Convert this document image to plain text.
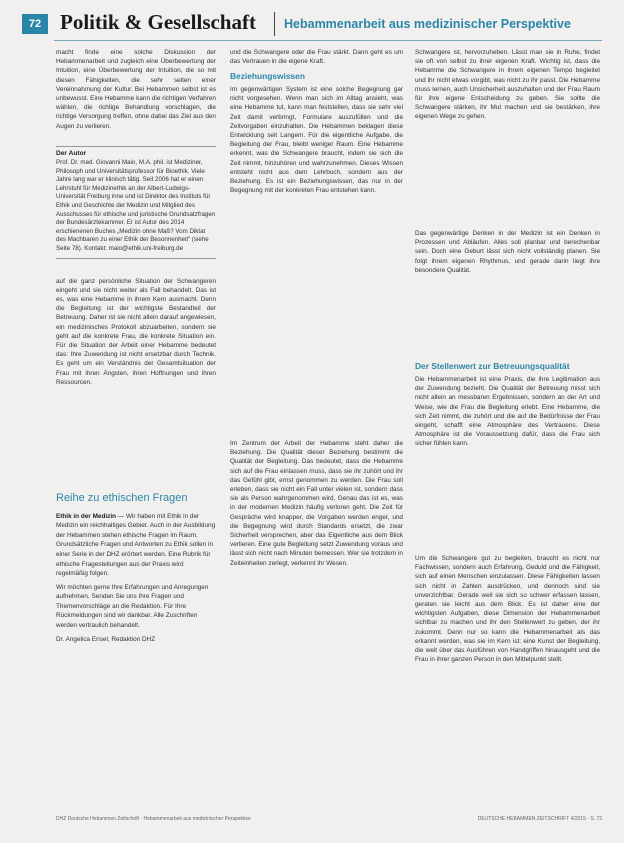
72 Politik & Gesellschaft Hebammenarbeit aus medizinischer Perspektive

macht finde eine solche Diskussion der Hebammenarbeit und zugleich eine Überbewertung der Intuition, eine Überbewertung der Intuition, die so mit diesen Fähigkeiten, die sehr selten einer Vereinnahmung der Kultur. Bei Hebammen selbst ist es unbewusst. Eine Hebamme kann die richtigen Verfahren wählen, die richtige Behandlung vorschlagen, die richtige Versorgung treffen, ohne dabei das Ziel aus den Augen zu verlieren.

Der Autor

Prof. Dr. med. Giovanni Maio, M.A. phil. ist Mediziner, Philosoph und Universitätsprofessor für Bioethik. Viele Jahre lang war er klinisch tätig. Seit 2006 hat er einen Lehrstuhl für Medizinethik an der Albert-Ludwigs-Universität Freiburg inne und ist Direktor des Instituts für Ethik und Geschichte der Medizin und Mitglied des Ausschusses für ethische und juristische Grundsatzfragen der Bundesärztekammer. Er ist Autor des 2014 erschienenen Buches „Medizin ohne Maß? Vom Diktat des Machbaren zu einer Ethik der Besonnenheit“ (siehe Seite 78). Kontakt: maio@ethik.uni-freiburg.de

auf die ganz persönliche Situation der Schwangeren eingeht und sie nicht weiter als Fall behandelt. Das ist es, was eine Hebamme in ihrem Kern ausmacht. Denn die Begleitung ist der wichtigste Bestandteil der Betreuung. Daher ist sie nicht allein darauf angewiesen, ein medizinisches Protokoll abzuarbeiten, sondern sie geht auf die konkrete Frau, die konkrete Situation ein. Für die Situation der Arbeit einer Hebamme bedeutet das: Ihre Zuwendung ist nicht ersetzbar durch Technik. Es geht um ein Verständnis der Gesamtsituation der Frau mit ihren Ängsten, ihren Hoffnungen und ihren Ressourcen.

Reihe zu ethischen Fragen

Ethik in der Medizin — Wir haben mit Ethik in der Medizin ein reichhaltiges Gebiet. Auch in der Ausbildung der Hebammen stehen ethische Fragen im Raum. Grundsätzliche Fragen und Antworten zu Ethik sollen in einer Serie in der DHZ erörtert werden. Eine Rubrik für ethische Fragestellungen aus der Praxis wird regelmäßig folgen.

Wir möchten gerne Ihre Erfahrungen und Anregungen aufnehmen. Senden Sie uns Ihre Fragen und Themenvorschläge an die Redaktion. Für Ihre Rückmeldungen sind wir dankbar. Alle Zuschriften werden vertraulich behandelt.

Dr. Angelica Ensel, Redaktion DHZ

und die Schwangere oder die Frau stärkt. Dann geht es um das Vertrauen in die eigene Kraft.

Beziehungswissen

Im gegenwärtigen System ist eine solche Begegnung gar nicht vorgesehen. Wenn man sich im Alltag ansieht, was eine Hebamme tut, kann man feststellen, dass sie sehr viel Zeit damit verbringt, Formulare auszufüllen und die Zeitvorgaben einzuhalten. Die Hebammen beklagen diese Entwicklung seit Langem. Für die eigentliche Aufgabe, die Begleitung der Frau, bleibt weniger Raum. Eine Hebamme erkennt, was die Schwangere braucht, indem sie sich die Zeit nimmt, hinzuhören und wahrzunehmen. Dieses Wissen entsteht nicht aus dem Lehrbuch, sondern aus der Beziehung. Es ist ein Beziehungswissen, das nur in der Begegnung mit der konkreten Frau entstehen kann.

Im Zentrum der Arbeit der Hebamme steht daher die Beziehung. Die Qualität dieser Beziehung bestimmt die Qualität der Begleitung. Das bedeutet, dass die Hebamme sich auf die Frau einlassen muss, dass sie ihr zuhört und ihr das Gefühl gibt, ernst genommen zu werden. Die Frau soll erleben, dass sie nicht ein Fall unter vielen ist, sondern dass sie als Person wahrgenommen wird. Genau das ist es, was in der modernen Medizin häufig verloren geht. Die Zeit für Gespräche wird knapper, die Vorgaben werden enger, und die Begegnung wird durch Standards ersetzt, die zwar Sicherheit versprechen, aber das Eigentliche aus dem Blick verlieren. Eine gute Begleitung setzt Zuwendung voraus und lässt sich nicht nach Minuten bemessen. Wer sie trotzdem in Zeiteinheiten zerlegt, verkennt ihr Wesen.

Schwangere ist, hervorzuheben. Lässt man sie in Ruhe, findet sie oft von selbst zu ihrer eigenen Kraft. Wichtig ist, dass die Hebamme die Schwangere in ihrem eigenen Tempo begleitet und ihr nicht etwas vorgibt, was nicht zu ihr passt. Die Hebamme muss lernen, auch Unsicherheit auszuhalten und der Frau Raum für ihre eigene Entscheidung zu geben. Sie sollte die Schwangere stärken, ihr Mut machen und sie bestärken, ihre eigenen Wege zu gehen.

Das gegenwärtige Denken in der Medizin ist ein Denken in Prozessen und Abläufen. Alles soll planbar und berechenbar sein. Doch eine Geburt lässt sich nicht vollständig planen. Sie folgt ihrem eigenen Rhythmus, und gerade darin liegt ihre besondere Qualität.

Der Stellenwert zur Betreuungsqualität

Die Hebammenarbeit ist eine Praxis, die ihre Legitimation aus der Zuwendung bezieht. Die Qualität der Betreuung misst sich nicht allein an messbaren Ergebnissen, sondern an der Art und Weise, wie die Frau die Begleitung erlebt. Eine Hebamme, die sich Zeit nimmt, die zuhört und die auf die Bedürfnisse der Frau eingeht, schafft eine Atmosphäre des Vertrauens. Diese Atmosphäre ist die Voraussetzung dafür, dass die Frau sich sicher fühlen kann.

Um die Schwangere gut zu begleiten, braucht es nicht nur Fachwissen, sondern auch Erfahrung, Geduld und die Fähigkeit, sich auf einen Menschen einzulassen. Diese Fähigkeiten lassen sich nicht in Zahlen ausdrücken, und dennoch sind sie unverzichtbar. Gerade weil sie sich so schwer erfassen lassen, geraten sie leicht aus dem Blick. Es ist daher eine der wichtigsten Aufgaben, diese Dimension der Hebammenarbeit sichtbar zu machen und ihr den Stellenwert zu geben, der ihr zukommt. Denn nur so kann die Hebammenarbeit als das erkannt werden, was sie im Kern ist: eine Kunst der Begleitung, die weit über das Ausführen von Handgriffen hinausgeht und die Frau in ihrer ganzen Person in den Mittelpunkt stellt.

DHZ Deutsche Hebammen Zeitschrift · Hebammenarbeit aus medizinischer Perspektive	DEUTSCHE HEBAMMEN ZEITSCHRIFT 4/2015 · S. 72
